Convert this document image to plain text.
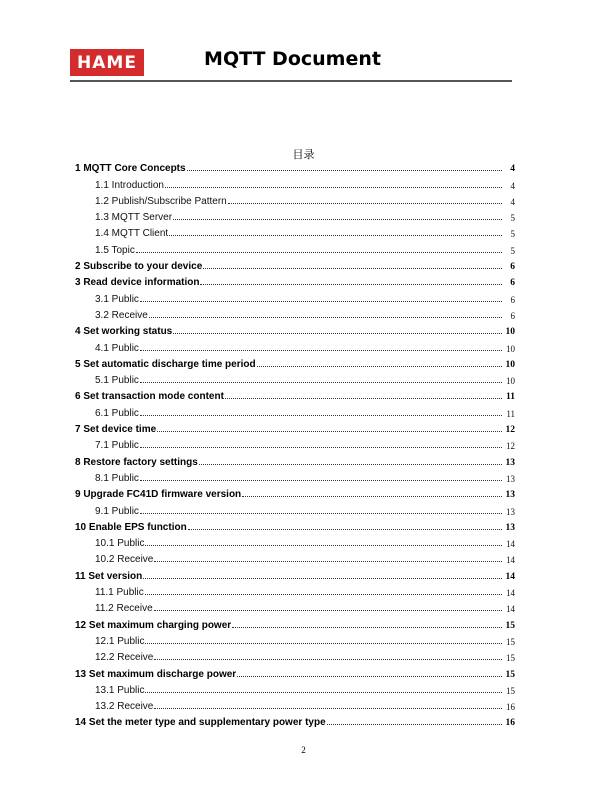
HAME	MQTT Document
目录
1 MQTT Core Concepts	4
1.1 Introduction	4
1.2 Publish/Subscribe Pattern	4
1.3 MQTT Server	5
1.4 MQTT Client	5
1.5 Topic	5
2 Subscribe to your device	6
3 Read device information	6
3.1 Public	6
3.2 Receive	6
4 Set working status	10
4.1 Public	10
5 Set automatic discharge time period	10
5.1 Public	10
6 Set transaction mode content	11
6.1 Public	11
7 Set device time	12
7.1 Public	12
8 Restore factory settings	13
8.1 Public	13
9 Upgrade FC41D firmware version	13
9.1 Public	13
10 Enable EPS function	13
10.1 Public	14
10.2 Receive	14
11 Set version	14
11.1 Public	14
11.2 Receive	14
12 Set maximum charging power	15
12.1 Public	15
12.2 Receive	15
13 Set maximum discharge power	15
13.1 Public	15
13.2 Receive	16
14 Set the meter type and supplementary power type	16
2
